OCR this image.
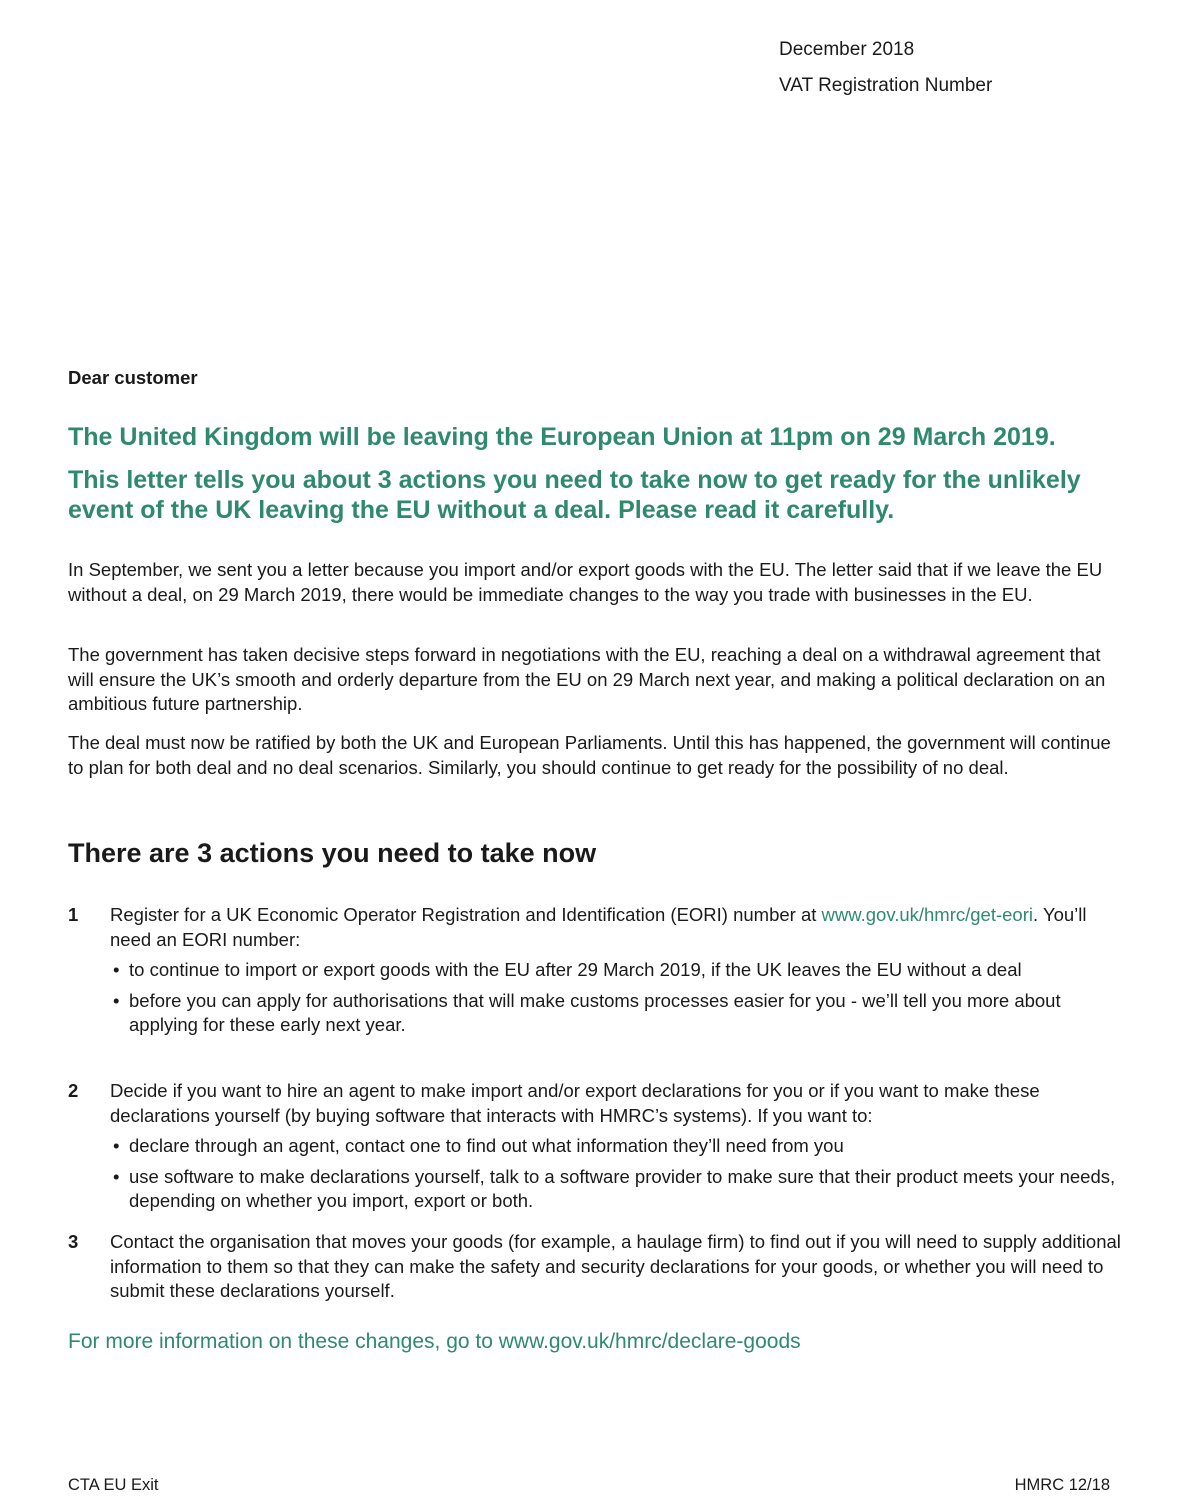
December 2018
VAT Registration Number
Dear customer
The United Kingdom will be leaving the European Union at 11pm on 29 March 2019.
This letter tells you about 3 actions you need to take now to get ready for the unlikely event of the UK leaving the EU without a deal. Please read it carefully.

In September, we sent you a letter because you import and/or export goods with the EU. The letter said that if we leave the EU without a deal, on 29 March 2019, there would be immediate changes to the way you trade with businesses in the EU.

The government has taken decisive steps forward in negotiations with the EU, reaching a deal on a withdrawal agreement that will ensure the UK’s smooth and orderly departure from the EU on 29 March next year, and making a political declaration on an ambitious future partnership.

The deal must now be ratified by both the UK and European Parliaments. Until this has happened, the government will continue to plan for both deal and no deal scenarios. Similarly, you should continue to get ready for the possibility of no deal.

There are 3 actions you need to take now
1	Register for a UK Economic Operator Registration and Identification (EORI) number at www.gov.uk/hmrc/get-eori. You’ll need an EORI number:
• to continue to import or export goods with the EU after 29 March 2019, if the UK leaves the EU without a deal
• before you can apply for authorisations that will make customs processes easier for you - we’ll tell you more about applying for these early next year.
2	Decide if you want to hire an agent to make import and/or export declarations for you or if you want to make these declarations yourself (by buying software that interacts with HMRC’s systems). If you want to:
• declare through an agent, contact one to find out what information they’ll need from you
• use software to make declarations yourself, talk to a software provider to make sure that their product meets your needs, depending on whether you import, export or both.
3	Contact the organisation that moves your goods (for example, a haulage firm) to find out if you will need to supply additional information to them so that they can make the safety and security declarations for your goods, or whether you will need to submit these declarations yourself.
For more information on these changes, go to www.gov.uk/hmrc/declare-goods
CTA EU Exit	HMRC 12/18
